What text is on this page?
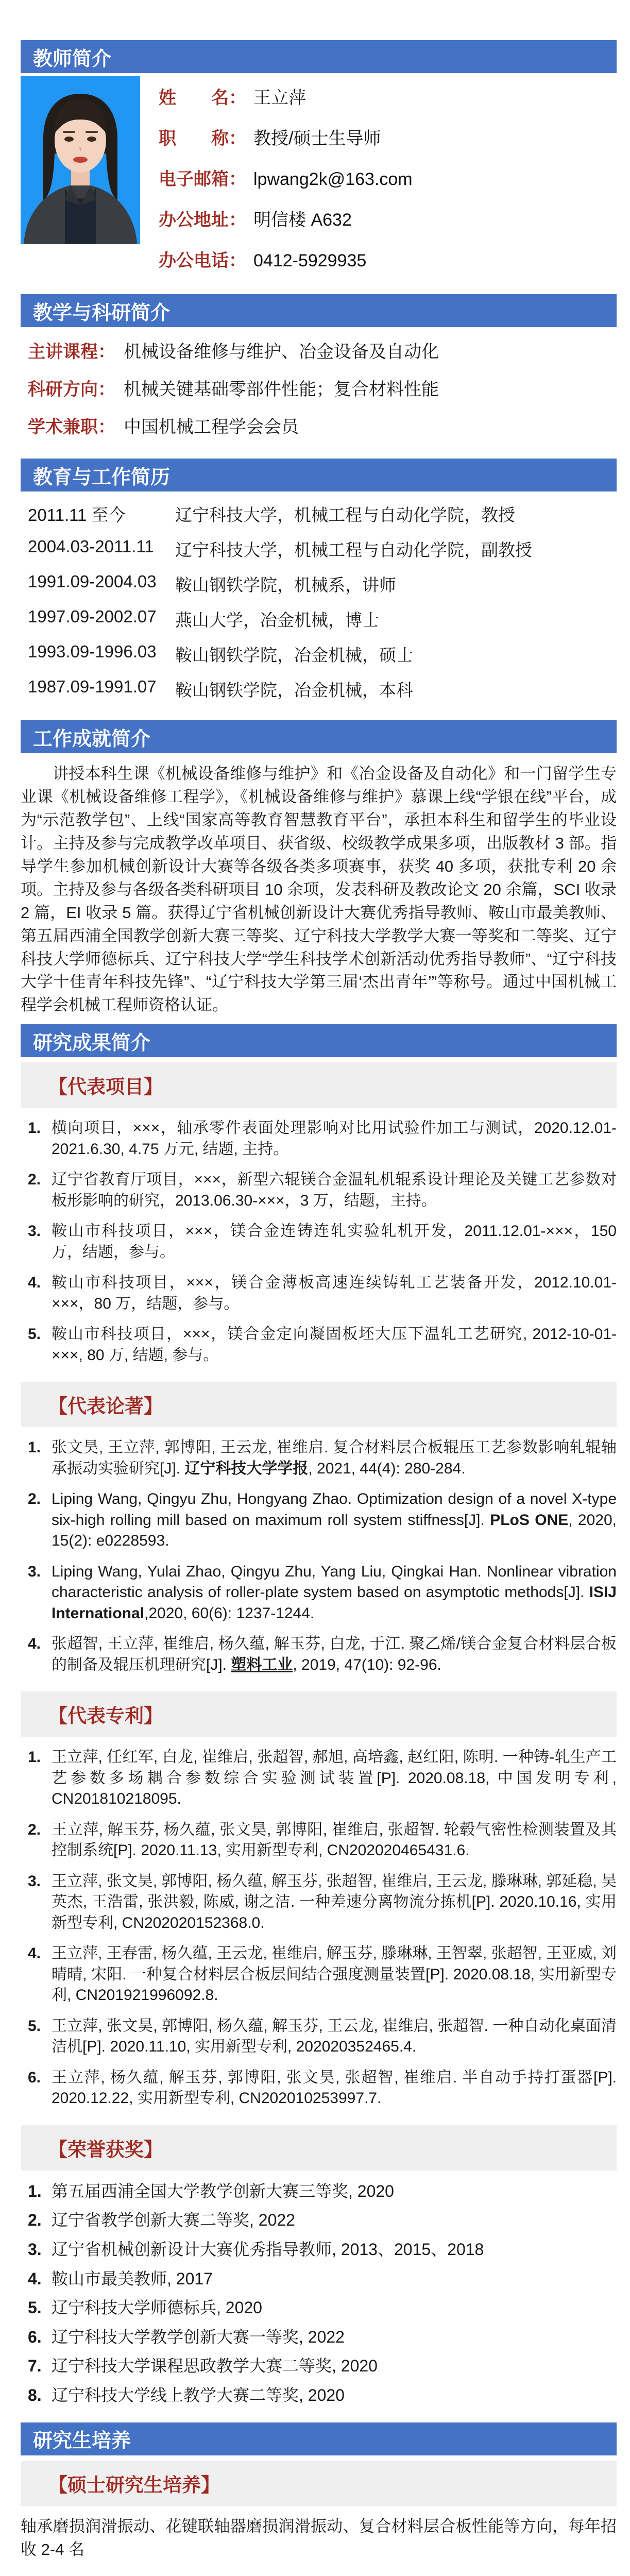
教师简介
姓　　名： 王立萍
职　　称： 教授/硕士生导师
电子邮箱： lpwang2k@163.com
办公地址： 明信楼 A632
办公电话： 0412-5929935
教学与科研简介
主讲课程： 机械设备维修与维护、冶金设备及自动化
科研方向： 机械关键基础零部件性能；复合材料性能
学术兼职： 中国机械工程学会会员
教育与工作简历
2011.11 至今	辽宁科技大学，机械工程与自动化学院，教授
2004.03-2011.11	辽宁科技大学，机械工程与自动化学院，副教授
1991.09-2004.03	鞍山钢铁学院，机械系，讲师
1997.09-2002.07	燕山大学，冶金机械，博士
1993.09-1996.03	鞍山钢铁学院，冶金机械，硕士
1987.09-1991.07	鞍山钢铁学院，冶金机械，本科
工作成就简介

讲授本科生课《机械设备维修与维护》和《冶金设备及自动化》和一门留学生专业课《机械设备维修工程学》，《机械设备维修与维护》慕课上线“学银在线”平台，成为“示范教学包”、上线“国家高等教育智慧教育平台”，承担本科生和留学生的毕业设计。主持及参与完成教学改革项目、获省级、校级教学成果多项，出版教材 3 部。指导学生参加机械创新设计大赛等各级各类多项赛事，获奖 40 多项，获批专利 20 余项。主持及参与各级各类科研项目 10 余项，发表科研及教改论文 20 余篇，SCI 收录 2 篇，EI 收录 5 篇。获得辽宁省机械创新设计大赛优秀指导教师、鞍山市最美教师、第五届西浦全国教学创新大赛三等奖、辽宁科技大学教学大赛一等奖和二等奖、辽宁科技大学师德标兵、辽宁科技大学“学生科技学术创新活动优秀指导教师”、“辽宁科技大学十佳青年科技先锋”、“辽宁科技大学第三届‘杰出青年’”等称号。通过中国机械工程学会机械工程师资格认证。

研究成果简介
【代表项目】
1. 横向项目，×××，轴承零件表面处理影响对比用试验件加工与测试，2020.12.01-2021.6.30, 4.75 万元, 结题, 主持。
2. 辽宁省教育厅项目，×××，新型六辊镁合金温轧机辊系设计理论及关键工艺参数对板形影响的研究，2013.06.30-×××，3 万，结题，主持。
3. 鞍山市科技项目，×××，镁合金连铸连轧实验轧机开发，2011.12.01-×××，150 万，结题，参与。
4. 鞍山市科技项目，×××，镁合金薄板高速连续铸轧工艺装备开发，2012.10.01-×××，80 万，结题，参与。
5. 鞍山市科技项目，×××，镁合金定向凝固板坯大压下温轧工艺研究, 2012-10-01-×××, 80 万, 结题, 参与。
【代表论著】
1. 张文昊, 王立萍, 郭博阳, 王云龙, 崔维启. 复合材料层合板辊压工艺参数影响轧辊轴承振动实验研究[J]. 辽宁科技大学学报, 2021, 44(4): 280-284.
2. Liping Wang, Qingyu Zhu, Hongyang Zhao. Optimization design of a novel X-type six-high rolling mill based on maximum roll system stiffness[J]. PLoS ONE, 2020, 15(2): e0228593.
3. Liping Wang, Yulai Zhao, Qingyu Zhu, Yang Liu, Qingkai Han. Nonlinear vibration characteristic analysis of roller-plate system based on asymptotic methods[J]. ISIJ International,2020, 60(6): 1237-1244.
4. 张超智, 王立萍, 崔维启, 杨久蕴, 解玉芬, 白龙, 于江. 聚乙烯/镁合金复合材料层合板的制备及辊压机理研究[J]. 塑料工业, 2019, 47(10): 92-96.
【代表专利】
1. 王立萍, 任红军, 白龙, 崔维启, 张超智, 郝旭, 高培鑫, 赵红阳, 陈明. 一种铸-轧生产工艺参数多场耦合参数综合实验测试装置[P]. 2020.08.18, 中国发明专利, CN201810218095.
2. 王立萍, 解玉芬, 杨久蕴, 张文昊, 郭博阳, 崔维启, 张超智. 轮毂气密性检测装置及其控制系统[P]. 2020.11.13, 实用新型专利, CN202020465431.6.
3. 王立萍, 张文昊, 郭博阳, 杨久蕴, 解玉芬, 张超智, 崔维启, 王云龙, 滕琳琳, 郭延稳, 吴英杰, 王浩雷, 张洪毅, 陈威, 谢之洁. 一种差速分离物流分拣机[P]. 2020.10.16, 实用新型专利, CN202020152368.0.
4. 王立萍, 王春雷, 杨久蕴, 王云龙, 崔维启, 解玉芬, 滕琳琳, 王智翠, 张超智, 王亚威, 刘晴晴, 宋阳. 一种复合材料层合板层间结合强度测量装置[P]. 2020.08.18, 实用新型专利, CN201921996092.8.
5. 王立萍, 张文昊, 郭博阳, 杨久蕴, 解玉芬, 王云龙, 崔维启, 张超智. 一种自动化桌面清洁机[P]. 2020.11.10, 实用新型专利, 202020352465.4.
6. 王立萍, 杨久蕴, 解玉芬, 郭博阳, 张文昊, 张超智, 崔维启. 半自动手持打蛋器[P]. 2020.12.22, 实用新型专利, CN202010253997.7.
【荣誉获奖】
1. 第五届西浦全国大学教学创新大赛三等奖, 2020
2. 辽宁省教学创新大赛二等奖, 2022
3. 辽宁省机械创新设计大赛优秀指导教师, 2013、2015、2018
4. 鞍山市最美教师, 2017
5. 辽宁科技大学师德标兵, 2020
6. 辽宁科技大学教学创新大赛一等奖, 2022
7. 辽宁科技大学课程思政教学大赛二等奖, 2020
8. 辽宁科技大学线上教学大赛二等奖, 2020
研究生培养
【硕士研究生培养】

轴承磨损润滑振动、花键联轴器磨损润滑振动、复合材料层合板性能等方向，每年招收 2-4 名
